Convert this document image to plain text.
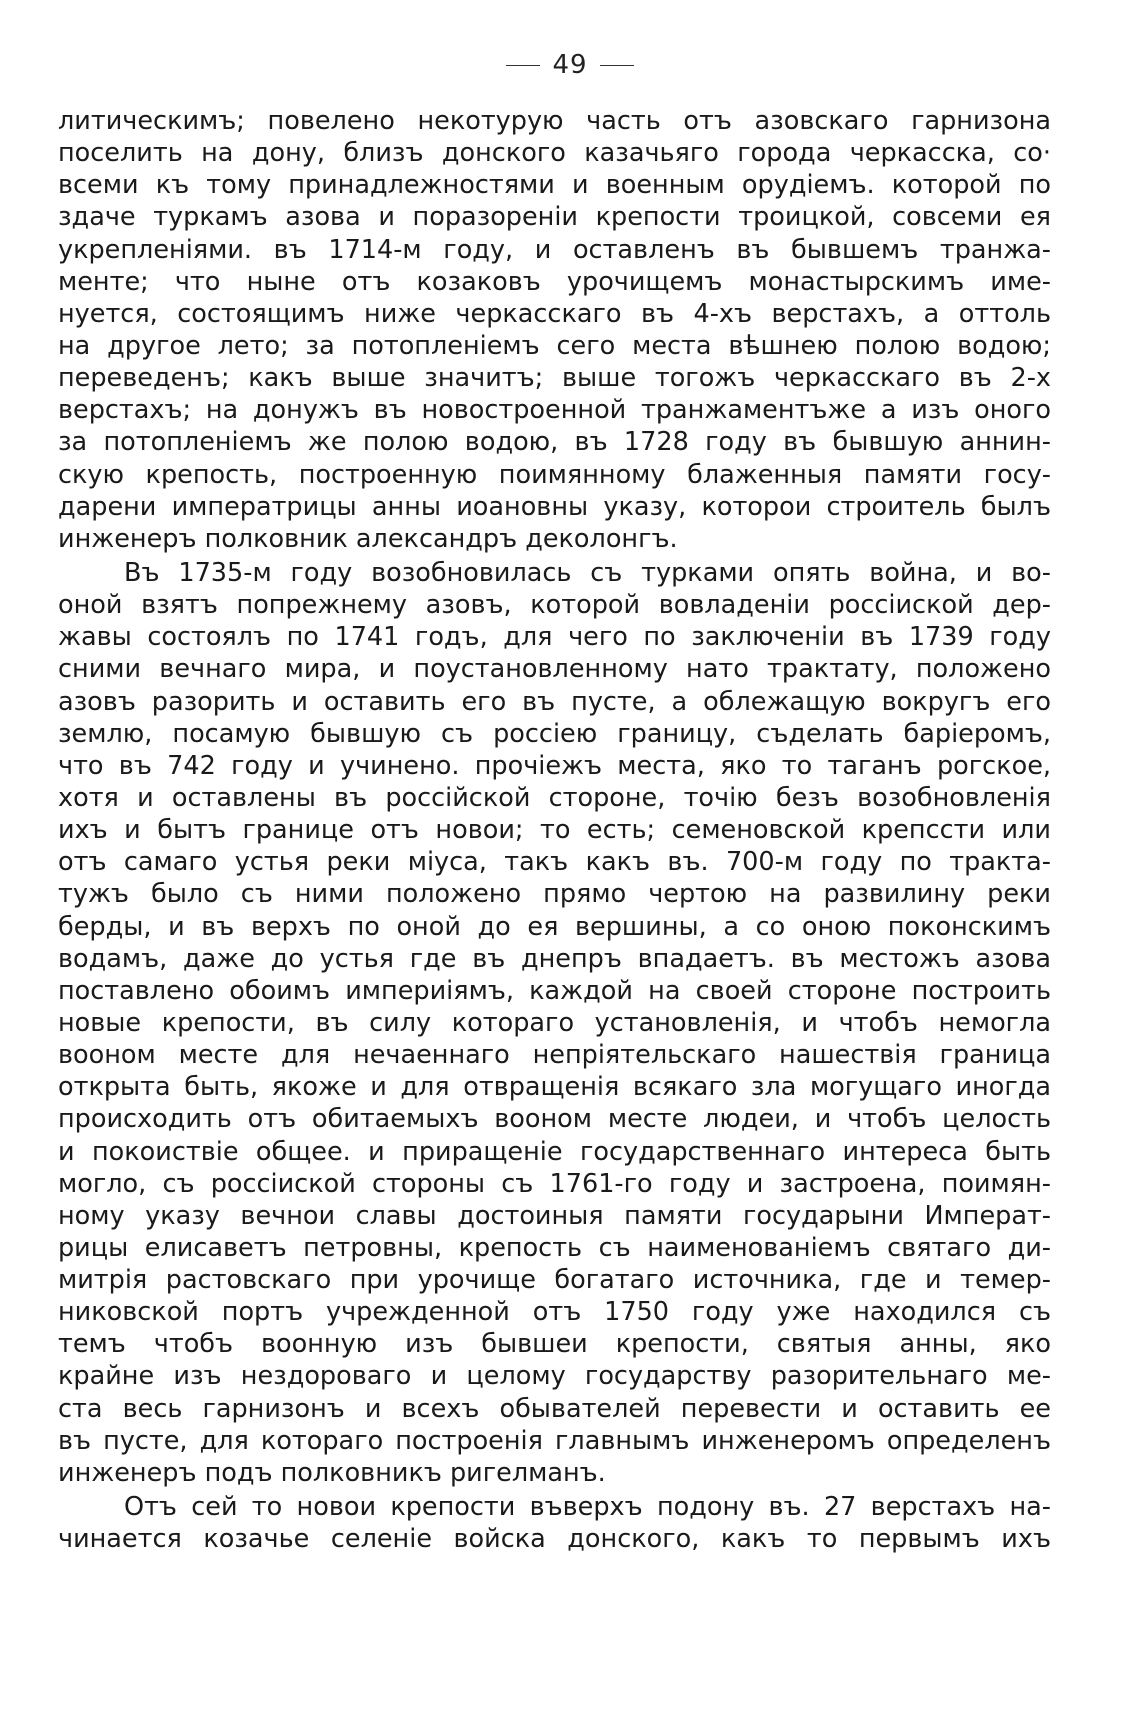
49

литическимъ; повелено некотурую часть отъ азовскаго гарнизона
поселить на дону, близъ донского казачьяго города черкасска, со·
всеми къ тому принадлежностями и военным орудiемъ. которой по
здаче туркамъ азова и поразоренiи крепости троицкой, совсеми ея
укрепленiями. въ 1714-м году, и оставленъ въ бывшемъ транжа-
менте; что ныне отъ козаковъ урочищемъ монастырскимъ име-
нуется, состоящимъ ниже черкасскаго въ 4-хъ верстахъ, а оттоль
на другое лето; за потопленiемъ сего места вѣшнею полою водою;
переведенъ; какъ выше значитъ; выше тогожъ черкасскаго въ 2-х
верстахъ; на донужъ въ новостроенной транжаментъже а изъ оного
за потопленiемъ же полою водою, въ 1728 году въ бывшую аннин-
скую крепость, построенную поимянному блаженныя памяти госу-
дарени императрицы анны иоановны указу, которои строитель былъ
инженеръ полковник александръ деколонгъ.

Въ 1735-м году возобновилась съ турками опять война, и во-
оной взятъ попрежнему азовъ, которой вовладенiи россiиской дер-
жавы состоялъ по 1741 годъ, для чего по заключенiи въ 1739 году
сними вечнаго мира, и поустановленному нато трактату, положено
азовъ разорить и оставить его въ пусте, а облежащую вокругъ его
землю, посамую бывшую съ россiею границу, съделать барiеромъ,
что въ 742 году и учинено. прочiежъ места, яко то таганъ рогское,
хотя и оставлены въ россiйской стороне, точiю безъ возобновленiя
ихъ и бытъ границе отъ новои; то есть; семеновской крепссти или
отъ самаго устья реки мiуса, такъ какъ въ. 700-м году по трактa-
тужъ было съ ними положено прямо чертою на развилину реки
берды, и въ верхъ по оной до ея вершины, а со оною поконскимъ
водамъ, даже до устья где въ днепръ впадаетъ. въ местожъ азова
поставлено обоимъ империiямъ, каждой на своей стороне построить
новые крепости, въ силу котораго установленiя, и чтобъ немогла
вооном месте для нечаеннаго непрiятельскаго нашествiя граница
открыта быть, якоже и для отвращенiя всякаго зла могущаго иногда
происходить отъ обитаемыхъ вооном месте людеи, и чтобъ целость
и покоиствiе общее. и приращенiе государственнаго интереса быть
могло, съ россiиской стороны съ 1761-го году и застроена, поимян-
ному указу вечнои славы достоиныя памяти государыни Императ-
рицы елисаветъ петровны, крепость съ наименованiемъ святаго ди-
митрiя растовскаго при урочище богатаго источника, где и темер-
никовской портъ учрежденной отъ 1750 году уже находился съ
темъ чтобъ воонную изъ бывшеи крепости, святыя анны, яко
крайне изъ нездороваго и целому государству разорительнаго ме-
ста весь гарнизонъ и всехъ обывателей перевести и оставить ее
въ пусте, для котораго построенiя главнымъ инженеромъ определенъ
инженеръ подъ полковникъ ригелманъ.

Отъ сей то новои крепости въверхъ подону въ. 27 верстахъ на-
чинается козачье селенiе войска донского, какъ то первымъ ихъ
